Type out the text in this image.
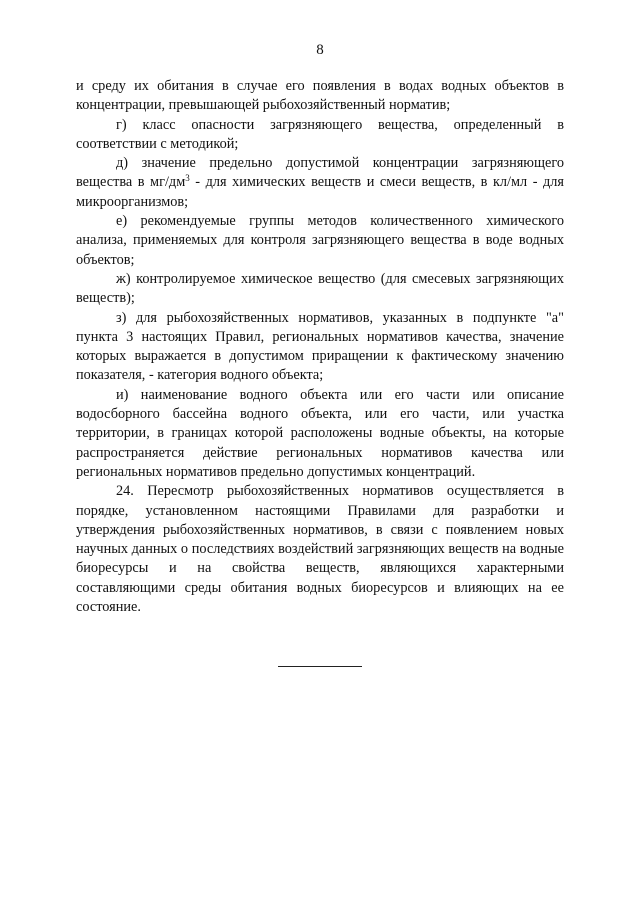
8

и среду их обитания в случае его появления в водах водных объектов в концентрации, превышающей рыбохозяйственный норматив;

г) класс опасности загрязняющего вещества, определенный в соответствии с методикой;

д) значение предельно допустимой концентрации загрязняющего вещества в $мг/дм^3$ - для химических веществ и смеси веществ, в кл/мл - для микроорганизмов;

е) рекомендуемые группы методов количественного химического анализа, применяемых для контроля загрязняющего вещества в воде водных объектов;

ж) контролируемое химическое вещество (для смесевых загрязняющих веществ);

з) для рыбохозяйственных нормативов, указанных в подпункте "а" пункта 3 настоящих Правил, региональных нормативов качества, значение которых выражается в допустимом приращении к фактическому значению показателя, - категория водного объекта;

и) наименование водного объекта или его части или описание водосборного бассейна водного объекта, или его части, или участка территории, в границах которой расположены водные объекты, на которые распространяется действие региональных нормативов качества или региональных нормативов предельно допустимых концентраций.

24. Пересмотр рыбохозяйственных нормативов осуществляется в порядке, установленном настоящими Правилами для разработки и утверждения рыбохозяйственных нормативов, в связи с появлением новых научных данных о последствиях воздействий загрязняющих веществ на водные биоресурсы и на свойства веществ, являющихся характерными составляющими среды обитания водных биоресурсов и влияющих на ее состояние.
